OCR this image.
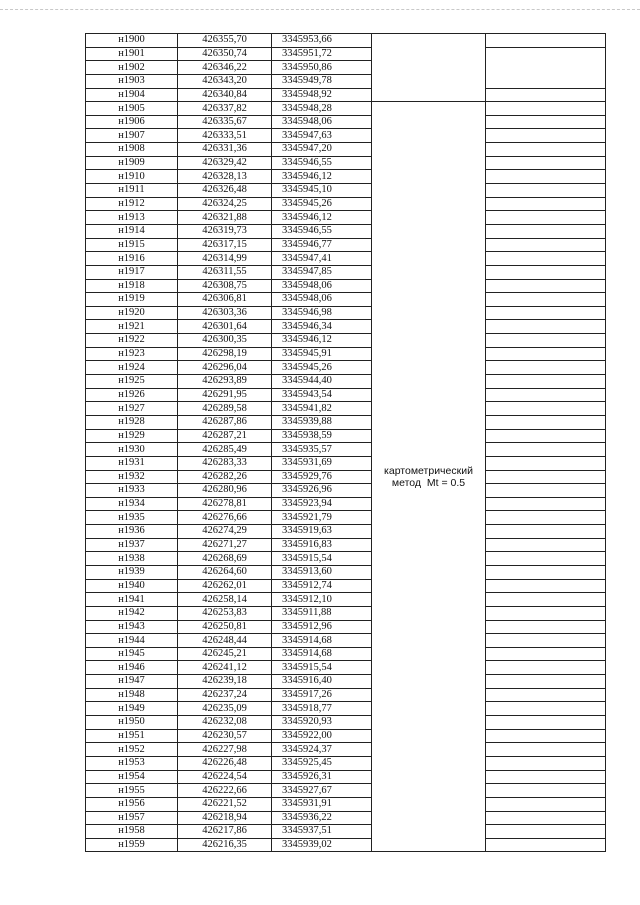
н1900	426355,70	3345953,66		
н1901	426350,74	3345951,72		
н1902	426346,22	3345950,86		
н1903	426343,20	3345949,78		
н1904	426340,84	3345948,92		
н1905	426337,82	3345948,28	картометрический
метод  Mt = 0.5	

н1906	426335,67	3345948,06		
н1907	426333,51	3345947,63		
н1908	426331,36	3345947,20		
н1909	426329,42	3345946,55		
н1910	426328,13	3345946,12		
н1911	426326,48	3345945,10		
н1912	426324,25	3345945,26		
н1913	426321,88	3345946,12		
н1914	426319,73	3345946,55		
н1915	426317,15	3345946,77		
н1916	426314,99	3345947,41		
н1917	426311,55	3345947,85		
н1918	426308,75	3345948,06		
н1919	426306,81	3345948,06		
н1920	426303,36	3345946,98		
н1921	426301,64	3345946,34		
н1922	426300,35	3345946,12		
н1923	426298,19	3345945,91		
н1924	426296,04	3345945,26		
н1925	426293,89	3345944,40		
н1926	426291,95	3345943,54		
н1927	426289,58	3345941,82		
н1928	426287,86	3345939,88		
н1929	426287,21	3345938,59		
н1930	426285,49	3345935,57		
н1931	426283,33	3345931,69		
н1932	426282,26	3345929,76		
н1933	426280,96	3345926,96		
н1934	426278,81	3345923,94		
н1935	426276,66	3345921,79		
н1936	426274,29	3345919,63		
н1937	426271,27	3345916,83		
н1938	426268,69	3345915,54		
н1939	426264,60	3345913,60		
н1940	426262,01	3345912,74		
н1941	426258,14	3345912,10		
н1942	426253,83	3345911,88		
н1943	426250,81	3345912,96		
н1944	426248,44	3345914,68		
н1945	426245,21	3345914,68		
н1946	426241,12	3345915,54		
н1947	426239,18	3345916,40		
н1948	426237,24	3345917,26		
н1949	426235,09	3345918,77		
н1950	426232,08	3345920,93		
н1951	426230,57	3345922,00		
н1952	426227,98	3345924,37		
н1953	426226,48	3345925,45		
н1954	426224,54	3345926,31		
н1955	426222,66	3345927,67		
н1956	426221,52	3345931,91		
н1957	426218,94	3345936,22		
н1958	426217,86	3345937,51		
н1959	426216,35	3345939,02		
